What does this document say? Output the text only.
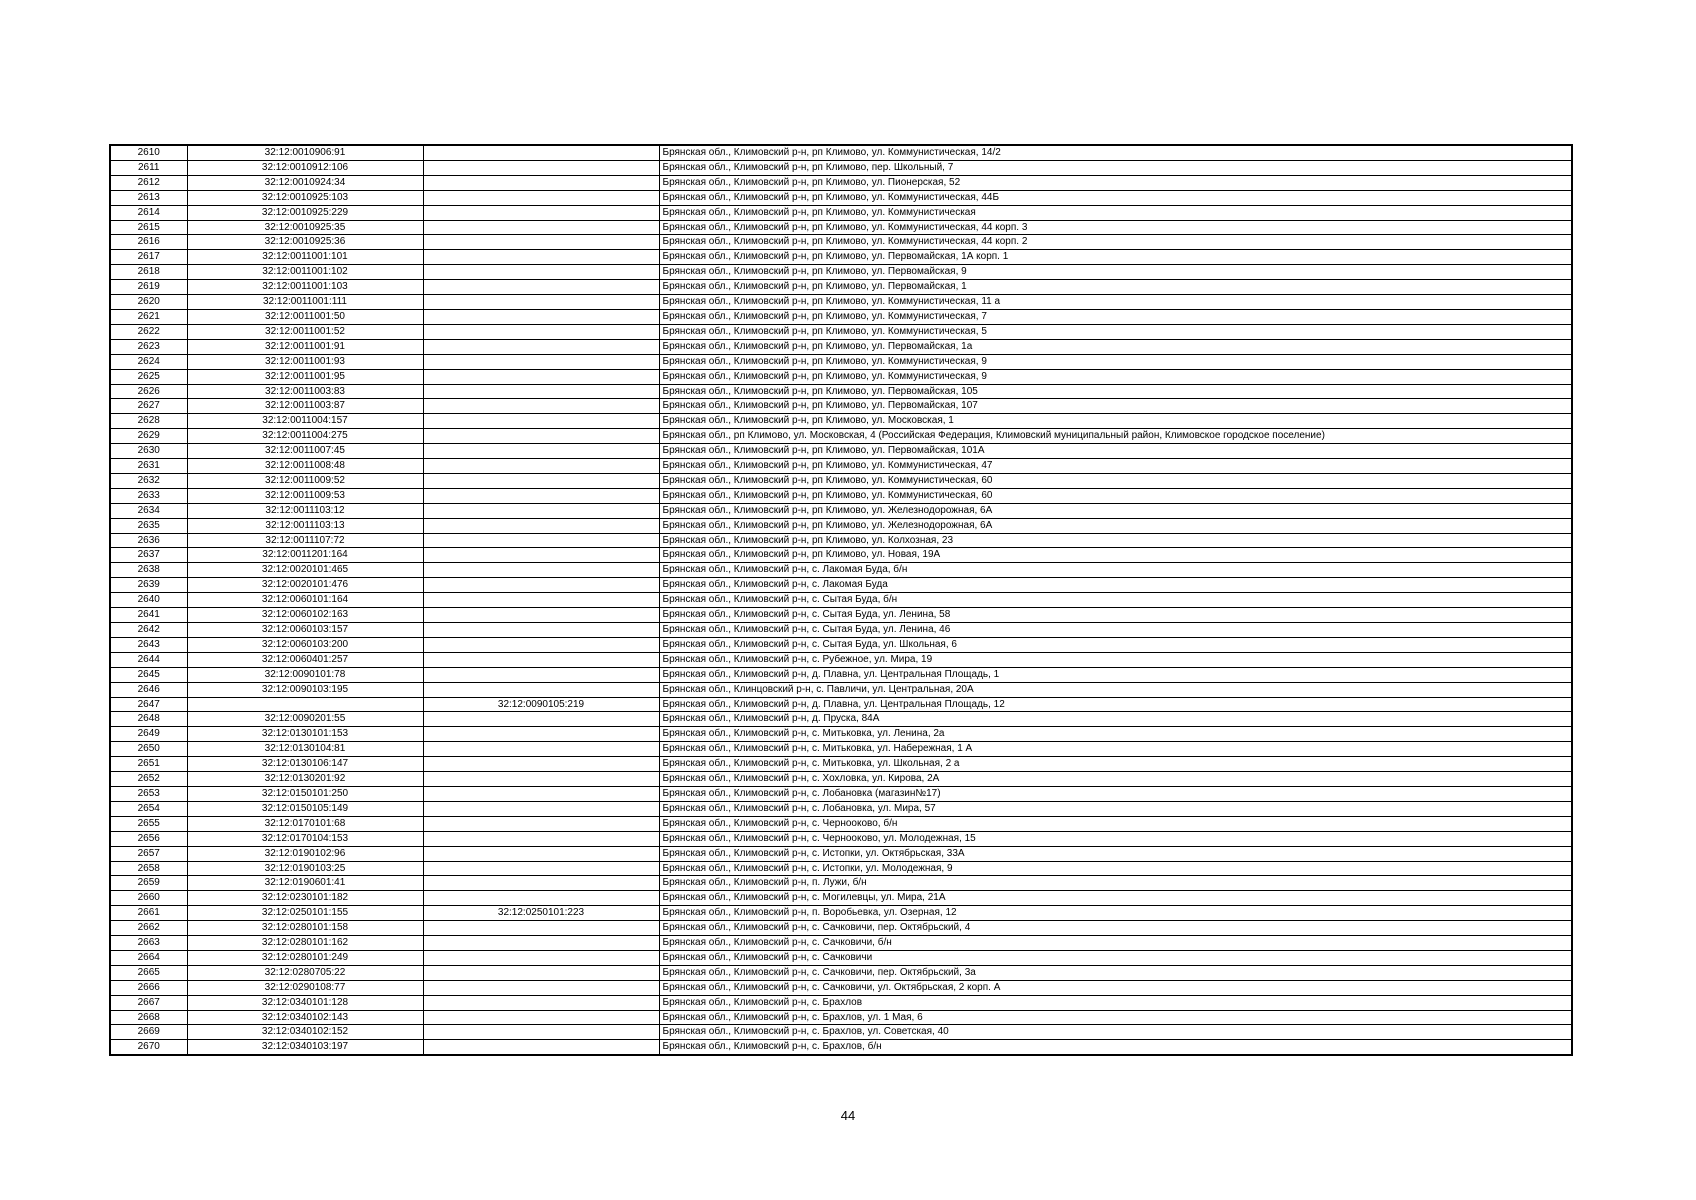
2610	32:12:0010906:91		Брянская обл., Климовский р-н, рп Климово, ул. Коммунистическая, 14/2
2611	32:12:0010912:106		Брянская обл., Климовский р-н, рп Климово, пер. Школьный, 7
2612	32:12:0010924:34		Брянская обл., Климовский р-н, рп Климово, ул. Пионерская, 52
2613	32:12:0010925:103		Брянская обл., Климовский р-н, рп Климово, ул. Коммунистическая, 44Б
2614	32:12:0010925:229		Брянская обл., Климовский р-н, рп Климово, ул. Коммунистическая
2615	32:12:0010925:35		Брянская обл., Климовский р-н, рп Климово, ул. Коммунистическая, 44 корп. 3
2616	32:12:0010925:36		Брянская обл., Климовский р-н, рп Климово, ул. Коммунистическая, 44 корп. 2
2617	32:12:0011001:101		Брянская обл., Климовский р-н, рп Климово, ул. Первомайская, 1А корп. 1
2618	32:12:0011001:102		Брянская обл., Климовский р-н, рп Климово, ул. Первомайская, 9
2619	32:12:0011001:103		Брянская обл., Климовский р-н, рп Климово, ул. Первомайская, 1
2620	32:12:0011001:111		Брянская обл., Климовский р-н, рп Климово, ул. Коммунистическая, 11 а
2621	32:12:0011001:50		Брянская обл., Климовский р-н, рп Климово, ул. Коммунистическая, 7
2622	32:12:0011001:52		Брянская обл., Климовский р-н, рп Климово, ул. Коммунистическая, 5
2623	32:12:0011001:91		Брянская обл., Климовский р-н, рп Климово, ул. Первомайская, 1а
2624	32:12:0011001:93		Брянская обл., Климовский р-н, рп Климово, ул. Коммунистическая, 9
2625	32:12:0011001:95		Брянская обл., Климовский р-н, рп Климово, ул. Коммунистическая, 9
2626	32:12:0011003:83		Брянская обл., Климовский р-н, рп Климово, ул. Первомайская, 105
2627	32:12:0011003:87		Брянская обл., Климовский р-н, рп Климово, ул. Первомайская, 107
2628	32:12:0011004:157		Брянская обл., Климовский р-н, рп Климово, ул. Московская, 1
2629	32:12:0011004:275		Брянская обл., рп Климово, ул. Московская, 4 (Российская Федерация, Климовский муниципальный район, Климовское городское поселение)
2630	32:12:0011007:45		Брянская обл., Климовский р-н, рп Климово, ул. Первомайская, 101А
2631	32:12:0011008:48		Брянская обл., Климовский р-н, рп Климово, ул. Коммунистическая, 47
2632	32:12:0011009:52		Брянская обл., Климовский р-н, рп Климово, ул. Коммунистическая, 60
2633	32:12:0011009:53		Брянская обл., Климовский р-н, рп Климово, ул. Коммунистическая, 60
2634	32:12:0011103:12		Брянская обл., Климовский р-н, рп Климово, ул. Железнодорожная, 6А
2635	32:12:0011103:13		Брянская обл., Климовский р-н, рп Климово, ул. Железнодорожная, 6А
2636	32:12:0011107:72		Брянская обл., Климовский р-н, рп Климово, ул. Колхозная, 23
2637	32:12:0011201:164		Брянская обл., Климовский р-н, рп Климово, ул. Новая, 19А
2638	32:12:0020101:465		Брянская обл., Климовский р-н, с. Лакомая Буда, б/н
2639	32:12:0020101:476		Брянская обл., Климовский р-н, с. Лакомая Буда
2640	32:12:0060101:164		Брянская обл., Климовский р-н, с. Сытая Буда, б/н
2641	32:12:0060102:163		Брянская обл., Климовский р-н, с. Сытая Буда, ул. Ленина, 58
2642	32:12:0060103:157		Брянская обл., Климовский р-н, с. Сытая Буда, ул. Ленина, 46
2643	32:12:0060103:200		Брянская обл., Климовский р-н, с. Сытая Буда, ул. Школьная, 6
2644	32:12:0060401:257		Брянская обл., Климовский р-н, с. Рубежное, ул. Мира, 19
2645	32:12:0090101:78		Брянская обл., Климовский р-н, д. Плавна, ул. Центральная Площадь, 1
2646	32:12:0090103:195		Брянская обл., Клинцовский р-н, с. Павличи, ул. Центральная, 20А
2647		32:12:0090105:219	Брянская обл., Климовский р-н, д. Плавна, ул. Центральная Площадь, 12
2648	32:12:0090201:55		Брянская обл., Климовский р-н, д. Пруска, 84А
2649	32:12:0130101:153		Брянская обл., Климовский р-н, с. Митьковка, ул. Ленина, 2а
2650	32:12:0130104:81		Брянская обл., Климовский р-н, с. Митьковка, ул. Набережная, 1 А
2651	32:12:0130106:147		Брянская обл., Климовский р-н, с. Митьковка, ул. Школьная, 2 а
2652	32:12:0130201:92		Брянская обл., Климовский р-н, с. Хохловка, ул. Кирова, 2А
2653	32:12:0150101:250		Брянская обл., Климовский р-н, с. Лобановка (магазин№17)
2654	32:12:0150105:149		Брянская обл., Климовский р-н, с. Лобановка, ул. Мира, 57
2655	32:12:0170101:68		Брянская обл., Климовский р-н, с. Чернооково, б/н
2656	32:12:0170104:153		Брянская обл., Климовский р-н, с. Чернооково, ул. Молодежная, 15
2657	32:12:0190102:96		Брянская обл., Климовский р-н, с. Истопки, ул. Октябрьская, 33А
2658	32:12:0190103:25		Брянская обл., Климовский р-н, с. Истопки, ул. Молодежная, 9
2659	32:12:0190601:41		Брянская обл., Климовский р-н, п. Лужи, б/н
2660	32:12:0230101:182		Брянская обл., Климовский р-н, с. Могилевцы, ул. Мира, 21А
2661	32:12:0250101:155	32:12:0250101:223	Брянская обл., Климовский р-н, п. Воробьевка, ул. Озерная, 12
2662	32:12:0280101:158		Брянская обл., Климовский р-н, с. Сачковичи, пер. Октябрьский, 4
2663	32:12:0280101:162		Брянская обл., Климовский р-н, с. Сачковичи, б/н
2664	32:12:0280101:249		Брянская обл., Климовский р-н, с. Сачковичи
2665	32:12:0280705:22		Брянская обл., Климовский р-н, с. Сачковичи, пер. Октябрьский, 3а
2666	32:12:0290108:77		Брянская обл., Климовский р-н, с. Сачковичи, ул. Октябрьская, 2 корп. А
2667	32:12:0340101:128		Брянская обл., Климовский р-н, с. Брахлов
2668	32:12:0340102:143		Брянская обл., Климовский р-н, с. Брахлов, ул. 1 Мая, 6
2669	32:12:0340102:152		Брянская обл., Климовский р-н, с. Брахлов, ул. Советская, 40
2670	32:12:0340103:197		Брянская обл., Климовский р-н, с. Брахлов, б/н
44
